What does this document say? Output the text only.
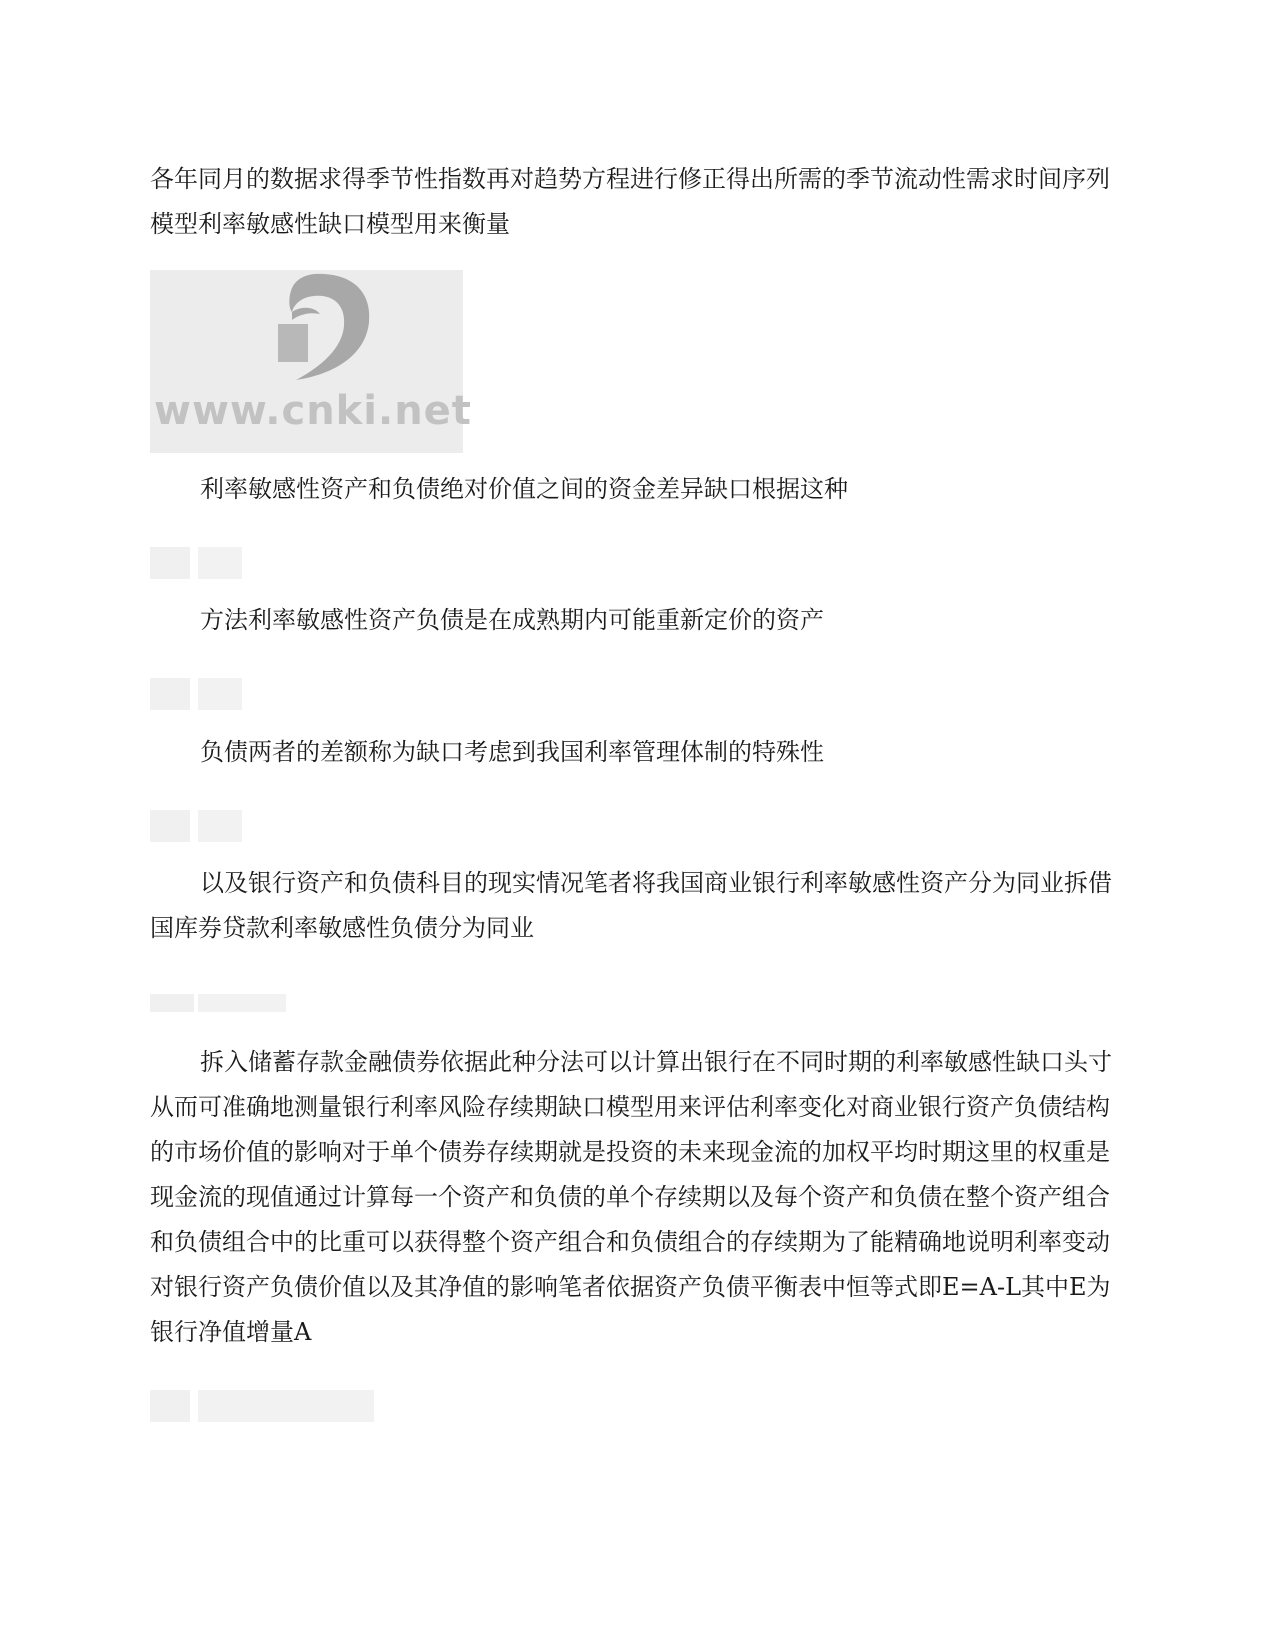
各年同月的数据求得季节性指数再对趋势方程进行修正得出所需的季节流动性需求时间序列模型利率敏感性缺口模型用来衡量

www.cnki.net

利率敏感性资产和负债绝对价值之间的资金差异缺口根据这种

方法利率敏感性资产负债是在成熟期内可能重新定价的资产

负债两者的差额称为缺口考虑到我国利率管理体制的特殊性

以及银行资产和负债科目的现实情况笔者将我国商业银行利率敏感性资产分为同业拆借国库券贷款利率敏感性负债分为同业

拆入储蓄存款金融债券依据此种分法可以计算出银行在不同时期的利率敏感性缺口头寸从而可准确地测量银行利率风险存续期缺口模型用来评估利率变化对商业银行资产负债结构的市场价值的影响对于单个债券存续期就是投资的未来现金流的加权平均时期这里的权重是现金流的现值通过计算每一个资产和负债的单个存续期以及每个资产和负债在整个资产组合和负债组合中的比重可以获得整个资产组合和负债组合的存续期为了能精确地说明利率变动对银行资产负债价值以及其净值的影响笔者依据资产负债平衡表中恒等式即E=A-L其中E为银行净值增量A
